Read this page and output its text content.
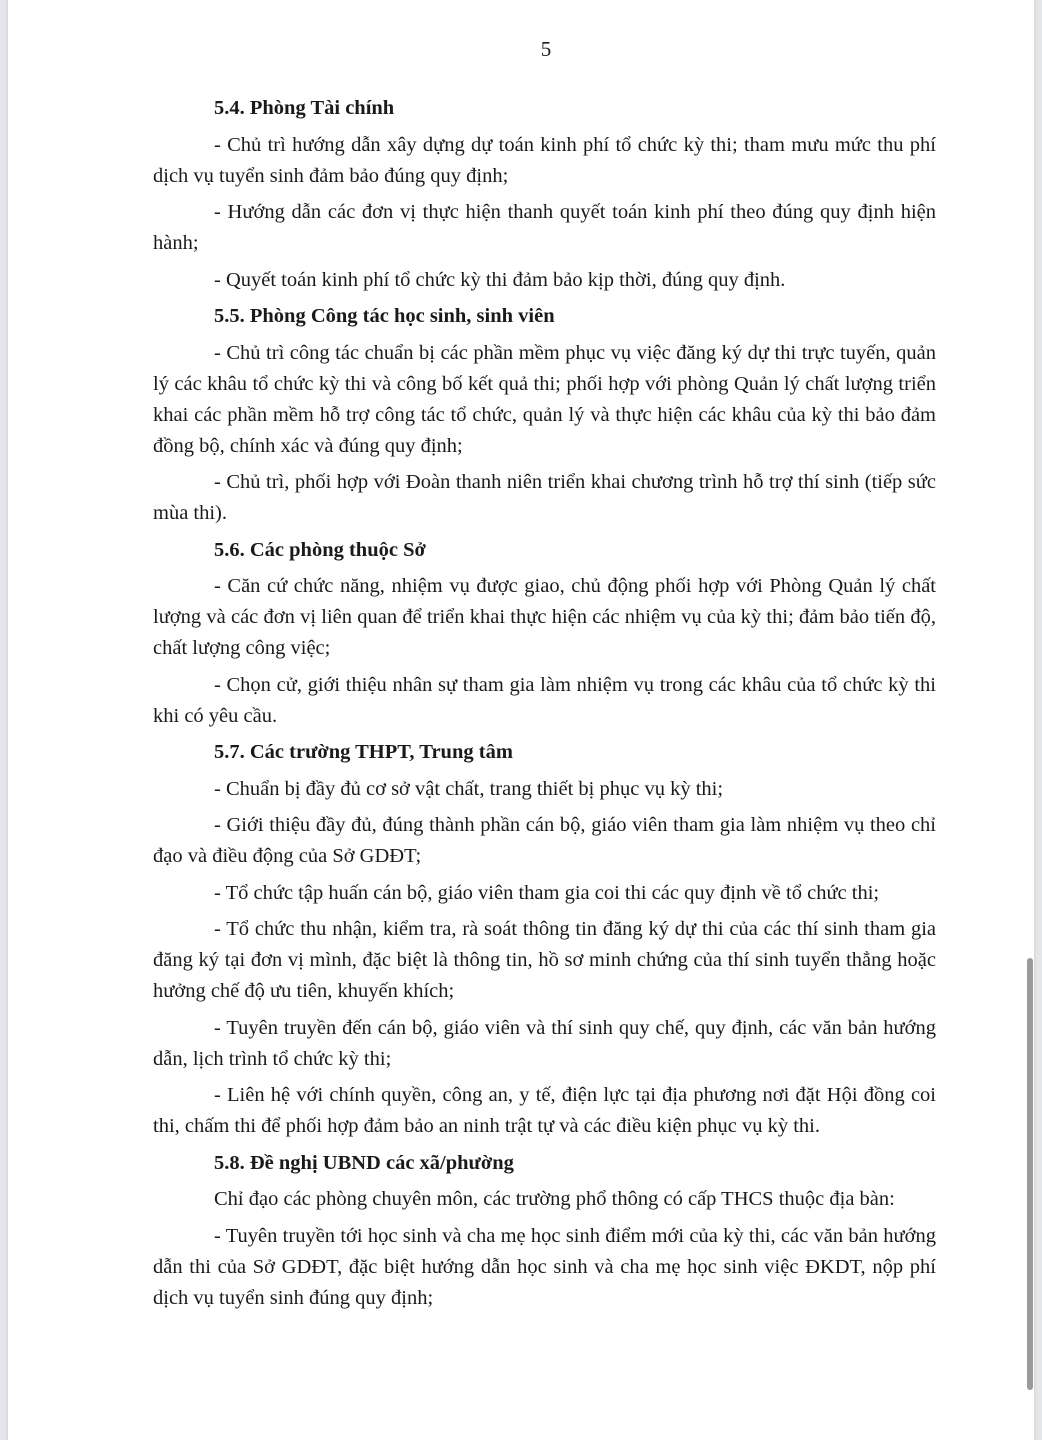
5
5.4. Phòng Tài chính
- Chủ trì hướng dẫn xây dựng dự toán kinh phí tổ chức kỳ thi; tham mưu mức thu phí dịch vụ tuyển sinh đảm bảo đúng quy định;
- Hướng dẫn các đơn vị thực hiện thanh quyết toán kinh phí theo đúng quy định hiện hành;
- Quyết toán kinh phí tổ chức kỳ thi đảm bảo kịp thời, đúng quy định.
5.5. Phòng Công tác học sinh, sinh viên
- Chủ trì công tác chuẩn bị các phần mềm phục vụ việc đăng ký dự thi trực tuyến, quản lý các khâu tổ chức kỳ thi và công bố kết quả thi; phối hợp với phòng Quản lý chất lượng triển khai các phần mềm hỗ trợ công tác tổ chức, quản lý và thực hiện các khâu của kỳ thi bảo đảm đồng bộ, chính xác và đúng quy định;
- Chủ trì, phối hợp với Đoàn thanh niên triển khai chương trình hỗ trợ thí sinh (tiếp sức mùa thi).
5.6. Các phòng thuộc Sở
- Căn cứ chức năng, nhiệm vụ được giao, chủ động phối hợp với Phòng Quản lý chất lượng và các đơn vị liên quan để triển khai thực hiện các nhiệm vụ của kỳ thi; đảm bảo tiến độ, chất lượng công việc;
- Chọn cử, giới thiệu nhân sự tham gia làm nhiệm vụ trong các khâu của tổ chức kỳ thi khi có yêu cầu.
5.7. Các trường THPT, Trung tâm
- Chuẩn bị đầy đủ cơ sở vật chất, trang thiết bị phục vụ kỳ thi;
- Giới thiệu đầy đủ, đúng thành phần cán bộ, giáo viên tham gia làm nhiệm vụ theo chỉ đạo và điều động của Sở GDĐT;
- Tổ chức tập huấn cán bộ, giáo viên tham gia coi thi các quy định về tổ chức thi;
- Tổ chức thu nhận, kiểm tra, rà soát thông tin đăng ký dự thi của các thí sinh tham gia đăng ký tại đơn vị mình, đặc biệt là thông tin, hồ sơ minh chứng của thí sinh tuyển thẳng hoặc hưởng chế độ ưu tiên, khuyến khích;
- Tuyên truyền đến cán bộ, giáo viên và thí sinh quy chế, quy định, các văn bản hướng dẫn, lịch trình tổ chức kỳ thi;
- Liên hệ với chính quyền, công an, y tế, điện lực tại địa phương nơi đặt Hội đồng coi thi, chấm thi để phối hợp đảm bảo an ninh trật tự và các điều kiện phục vụ kỳ thi.
5.8. Đề nghị UBND các xã/phường
Chỉ đạo các phòng chuyên môn, các trường phổ thông có cấp THCS thuộc địa bàn:
- Tuyên truyền tới học sinh và cha mẹ học sinh điểm mới của kỳ thi, các văn bản hướng dẫn thi của Sở GDĐT, đặc biệt hướng dẫn học sinh và cha mẹ học sinh việc ĐKDT, nộp phí dịch vụ tuyển sinh đúng quy định;
